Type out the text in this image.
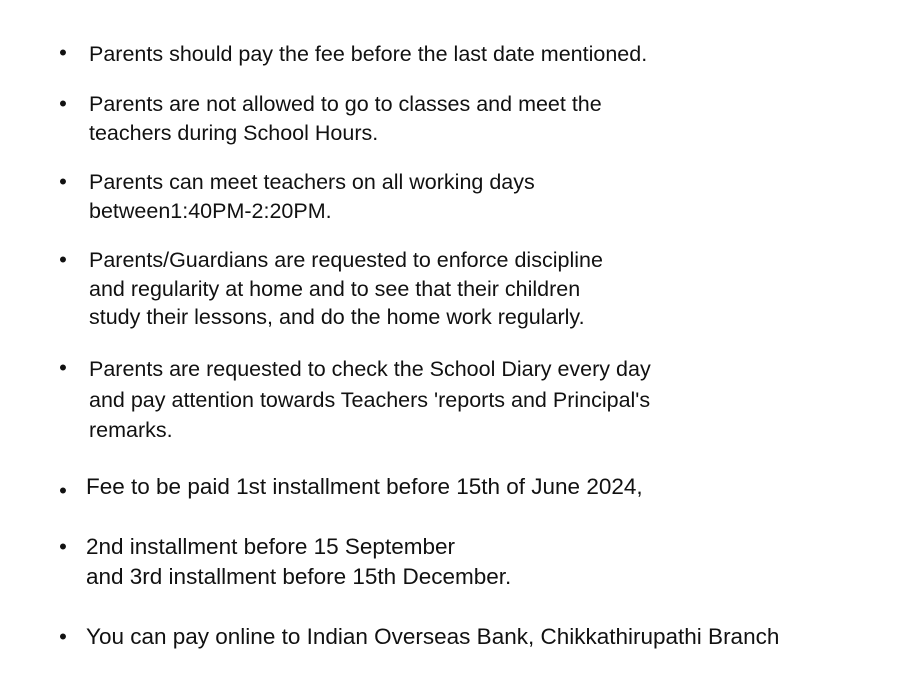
• Parents should pay the fee before the last date mentioned.
• Parents are not allowed to go to classes and meet the
teachers during School Hours.
• Parents can meet teachers on all working days
between1:40PM-2:20PM.
• Parents/Guardians are requested to enforce discipline
and regularity at home and to see that their children
study their lessons, and do the home work regularly.
• Parents are requested to check the School Diary every day
and pay attention towards Teachers 'reports and Principal's
remarks.
• Fee to be paid 1st installment before 15th of June 2024,
• 2nd installment before 15 September
and 3rd installment before 15th December.
• You can pay online to Indian Overseas Bank, Chikkathirupathi Branch
